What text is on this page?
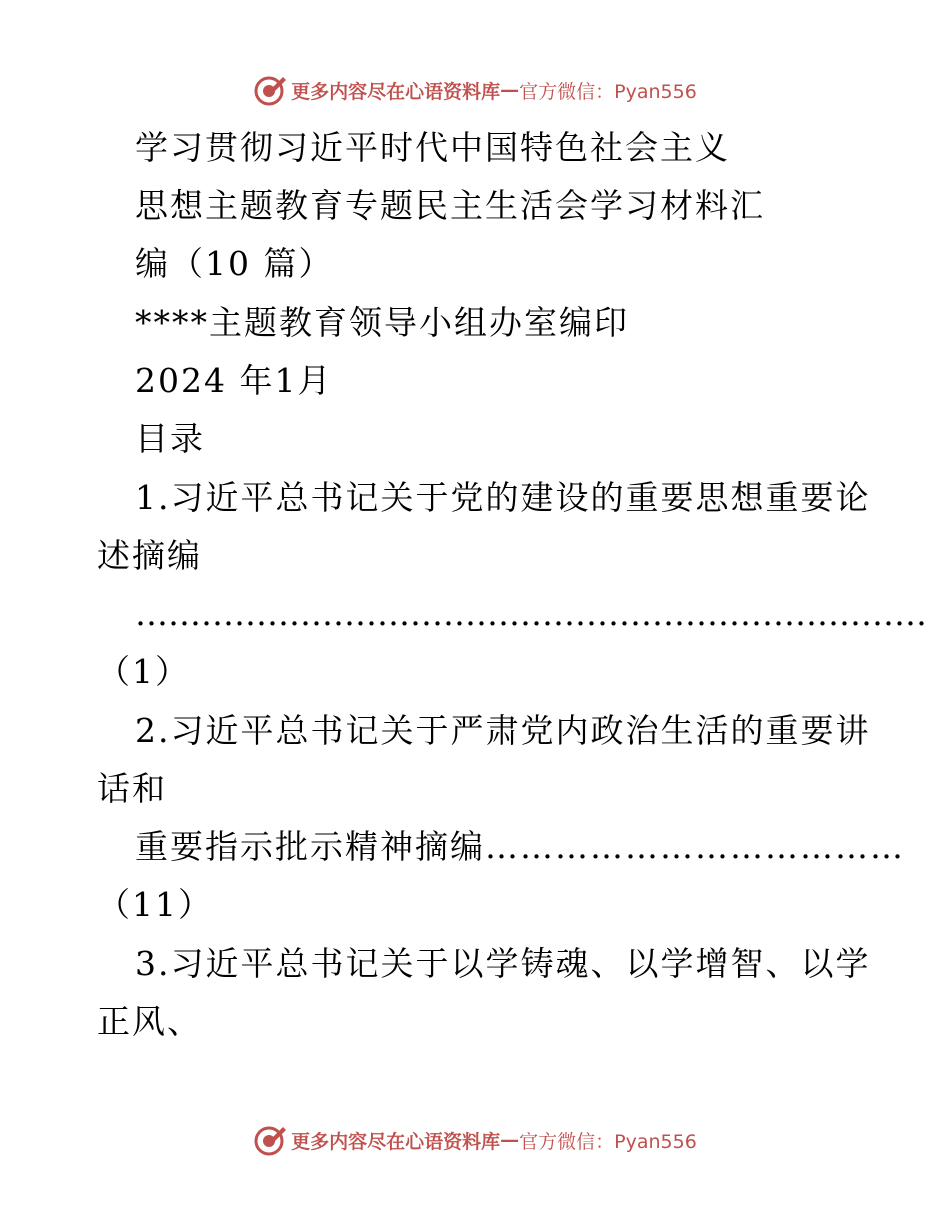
更多内容尽在心语资料库 — 官方微信：Pyan556
学习贯彻习近平时代中国特色社会主义
思想主题教育专题民主生活会学习材料汇
编（10 篇）
****主题教育领导小组办室编印
2024 年1月
目录
1.习近平总书记关于党的建设的重要思想重要论
述摘编
………………………………………………………………
（1）
2.习近平总书记关于严肃党内政治生活的重要讲
话和
重要指示批示精神摘编………………………………
（11）
3.习近平总书记关于以学铸魂、以学增智、以学
正风、
更多内容尽在心语资料库 — 官方微信：Pyan556
